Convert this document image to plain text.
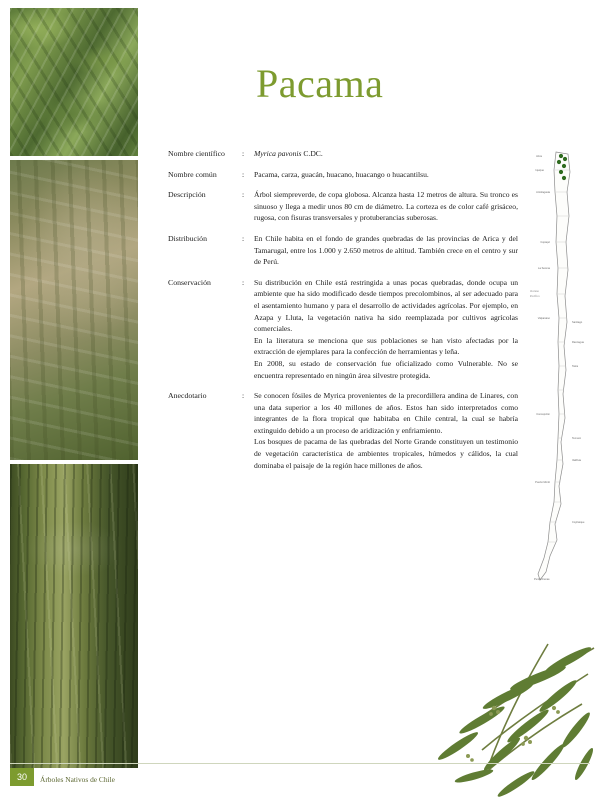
Pacama
Nombre científico	:	Myrica pavonis C.DC.

Nombre común	:	Pacama, carza, guacán, huacano, huacango o huacantilsu.

Descripción	:	Árbol siempreverde, de copa globosa. Alcanza hasta 12 metros de altura. Su tronco es sinuoso y llega a medir unos 80 cm de diámetro. La corteza es de color café grisáceo, rugosa, con fisuras transversales y protuberancias suberosas.

Distribución	:	En Chile habita en el fondo de grandes quebradas de las provincias de Arica y del Tamarugal, entre los 1.000 y 2.650 metros de altitud. También crece en el centro y sur de Perú.

Conservación	:	Su distribución en Chile está restringida a unas pocas quebradas, donde ocupa un ambiente que ha sido modificado desde tiempos precolombinos, al ser adecuado para el asentamiento humano y para el desarrollo de actividades agrícolas. Por ejemplo, en Azapa y Lluta, la vegetación nativa ha sido reemplazada por cultivos agrícolas comerciales.

En la literatura se menciona que sus poblaciones se han visto afectadas por la extracción de ejemplares para la confección de herramientas y leña.

En 2008, su estado de conservación fue oficializado como Vulnerable. No se encuentra representado en ningún área silvestre protegida.

Anecdotario	:	Se conocen fósiles de Myrica provenientes de la precordillera andina de Linares, con una data superior a los 40 millones de años. Estos han sido interpretados como integrantes de la flora tropical que habitaba en Chile central, la cual se habría extinguido debido a un proceso de aridización y enfriamiento.

Los bosques de pacama de las quebradas del Norte Grande constituyen un testimonio de vegetación característica de ambientes tropicales, húmedos y cálidos, la cual dominaba el paisaje de la región hace millones de años.

Arica
Iquique
Antofagasta
Copiapó
La Serena
Valparaíso
Santiago
Rancagua
Talca
Concepción
Temuco
Valdivia
Puerto Montt
Coyhaique
Punta Arenas
Océano
Pacífico
30	Árboles Nativos de Chile
